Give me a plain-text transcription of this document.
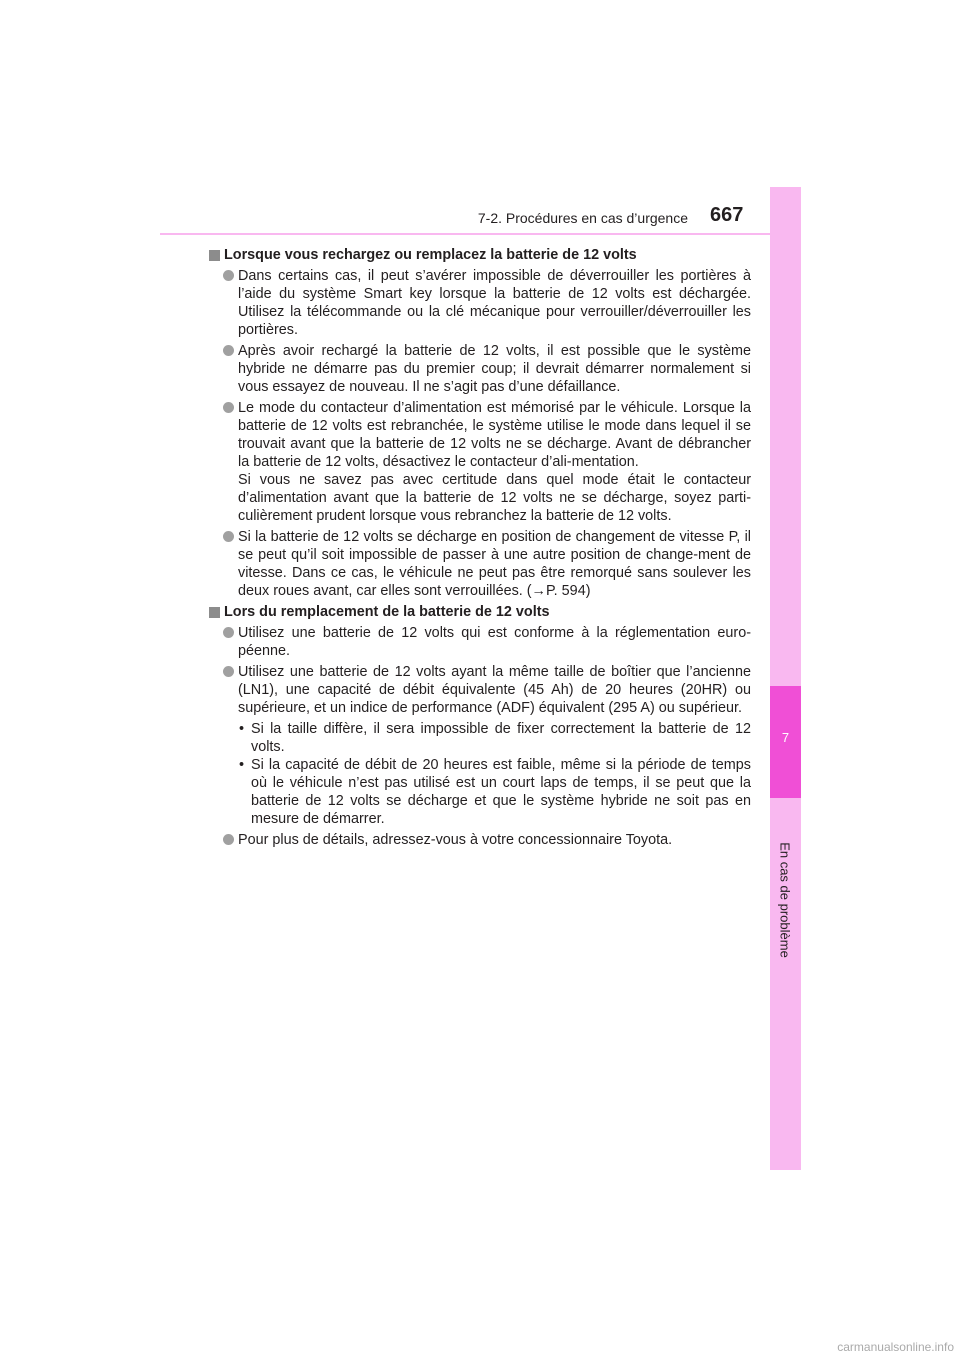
7
En cas de problème
7-2. Procédures en cas d’urgence 667
Lorsque vous rechargez ou remplacez la batterie de 12 volts

Dans certains cas, il peut s’avérer impossible de déverrouiller les portières à l’aide du système Smart key lorsque la batterie de 12 volts est déchargée. Utilisez la télécommande ou la clé mécanique pour verrouiller/déverrouiller les portières.

Après avoir rechargé la batterie de 12 volts, il est possible que le système hybride ne démarre pas du premier coup; il devrait démarrer normalement si vous essayez de nouveau. Il ne s’agit pas d’une défaillance.

Le mode du contacteur d’alimentation est mémorisé par le véhicule. Lorsque la batterie de 12 volts est rebranchée, le système utilise le mode dans lequel il se trouvait avant que la batterie de 12 volts ne se décharge. Avant de débrancher la batterie de 12 volts, désactivez le contacteur d’ali-mentation.

Si vous ne savez pas avec certitude dans quel mode était le contacteur d’alimentation avant que la batterie de 12 volts ne se décharge, soyez parti-culièrement prudent lorsque vous rebranchez la batterie de 12 volts.

Si la batterie de 12 volts se décharge en position de changement de vitesse P, il se peut qu’il soit impossible de passer à une autre position de change-ment de vitesse. Dans ce cas, le véhicule ne peut pas être remorqué sans soulever les deux roues avant, car elles sont verrouillées. (→P. 594)

Lors du remplacement de la batterie de 12 volts

Utilisez une batterie de 12 volts qui est conforme à la réglementation euro-péenne.

Utilisez une batterie de 12 volts ayant la même taille de boîtier que l’ancienne (LN1), une capacité de débit équivalente (45 Ah) de 20 heures (20HR) ou supérieure, et un indice de performance (ADF) équivalent (295 A) ou supérieur.

• Si la taille diffère, il sera impossible de fixer correctement la batterie de 12 volts.
• Si la capacité de débit de 20 heures est faible, même si la période de temps où le véhicule n’est pas utilisé est un court laps de temps, il se peut que la batterie de 12 volts se décharge et que le système hybride ne soit pas en mesure de démarrer.

Pour plus de détails, adressez-vous à votre concessionnaire Toyota.

carmanualsonline.info
